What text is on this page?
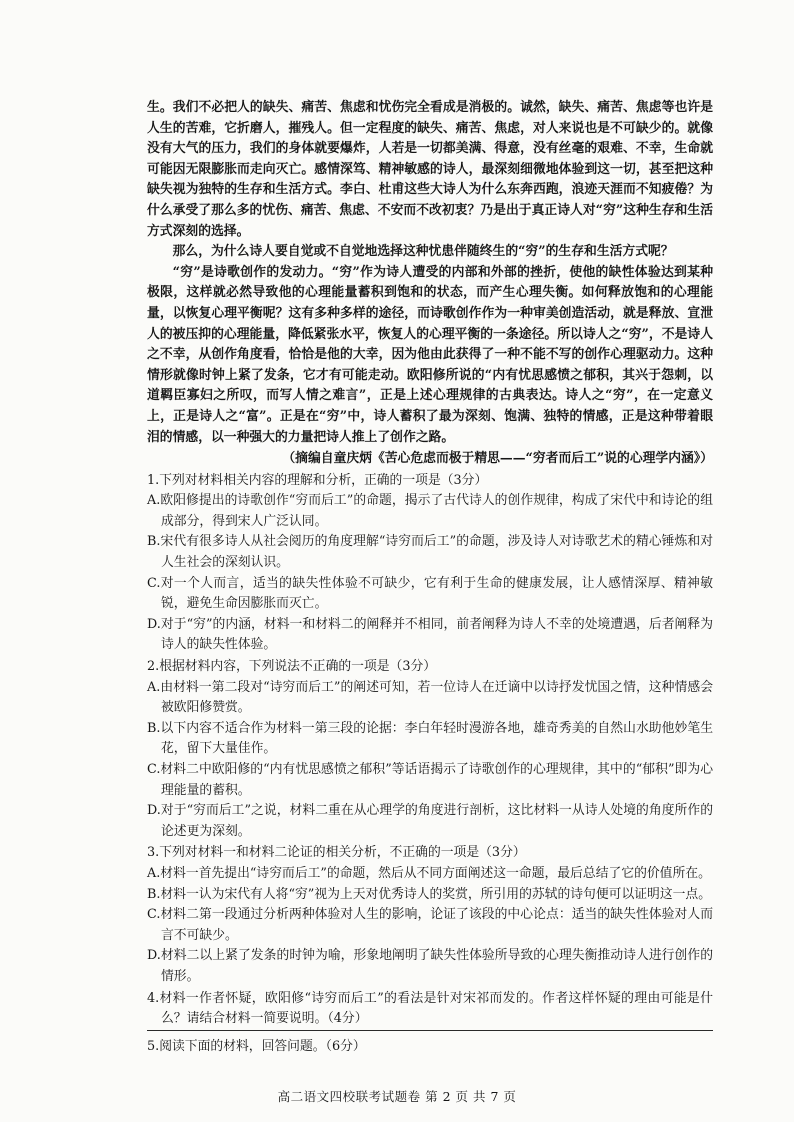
生。我们不必把人的缺失、痛苦、焦虑和忧伤完全看成是消极的。诚然，缺失、痛苦、焦虑等也许是人生的苦难，它折磨人，摧残人。但一定程度的缺失、痛苦、焦虑，对人来说也是不可缺少的。就像没有大气的压力，我们的身体就要爆炸，人若是一切都美满、得意，没有丝毫的艰难、不幸，生命就可能因无限膨胀而走向灭亡。感情深笃、精神敏感的诗人，最深刻细微地体验到这一切，甚至把这种缺失视为独特的生存和生活方式。李白、杜甫这些大诗人为什么东奔西跑，浪迹天涯而不知疲倦？为什么承受了那么多的忧伤、痛苦、焦虑、不安而不改初衷？乃是出于真正诗人对“穷”这种生存和生活方式深刻的选择。

那么，为什么诗人要自觉或不自觉地选择这种忧患伴随终生的“穷”的生存和生活方式呢？

“穷”是诗歌创作的发动力。“穷”作为诗人遭受的内部和外部的挫折，使他的缺性体验达到某种极限，这样就必然导致他的心理能量蓄积到饱和的状态，而产生心理失衡。如何释放饱和的心理能量，以恢复心理平衡呢？这有多种多样的途径，而诗歌创作作为一种审美创造活动，就是释放、宣泄人的被压抑的心理能量，降低紧张水平，恢复人的心理平衡的一条途径。所以诗人之“穷”，不是诗人之不幸，从创作角度看，恰恰是他的大幸，因为他由此获得了一种不能不写的创作心理驱动力。这种情形就像时钟上紧了发条，它才有可能走动。欧阳修所说的“内有忧思感愤之郁积，其兴于怨刺，以道羁臣寡妇之所叹，而写人情之难言”，正是上述心理规律的古典表达。诗人之“穷”，在一定意义上，正是诗人之“富”。正是在“穷”中，诗人蓄积了最为深刻、饱满、独特的情感，正是这种带着眼泪的情感，以一种强大的力量把诗人推上了创作之路。

（摘编自童庆炳《苦心危虑而极于精思——“穷者而后工”说的心理学内涵》）

1.下列对材料相关内容的理解和分析，正确的一项是（3分）

A.欧阳修提出的诗歌创作“穷而后工”的命题，揭示了古代诗人的创作规律，构成了宋代中和诗论的组成部分，得到宋人广泛认同。

B.宋代有很多诗人从社会阅历的角度理解“诗穷而后工”的命题，涉及诗人对诗歌艺术的精心锤炼和对人生社会的深刻认识。

C.对一个人而言，适当的缺失性体验不可缺少，它有利于生命的健康发展，让人感情深厚、精神敏锐，避免生命因膨胀而灭亡。

D.对于“穷”的内涵，材料一和材料二的阐释并不相同，前者阐释为诗人不幸的处境遭遇，后者阐释为诗人的缺失性体验。

2.根据材料内容，下列说法不正确的一项是（3分）

A.由材料一第二段对“诗穷而后工”的阐述可知，若一位诗人在迁谪中以诗抒发忧国之情，这种情感会被欧阳修赞赏。

B.以下内容不适合作为材料一第三段的论据：李白年轻时漫游各地，雄奇秀美的自然山水助他妙笔生花，留下大量佳作。

C.材料二中欧阳修的“内有忧思感愤之郁积”等话语揭示了诗歌创作的心理规律，其中的“郁积”即为心理能量的蓄积。

D.对于“穷而后工”之说，材料二重在从心理学的角度进行剖析，这比材料一从诗人处境的角度所作的论述更为深刻。

3.下列对材料一和材料二论证的相关分析，不正确的一项是（3分）

A.材料一首先提出“诗穷而后工”的命题，然后从不同方面阐述这一命题，最后总结了它的价值所在。

B.材料一认为宋代有人将“穷”视为上天对优秀诗人的奖赏，所引用的苏轼的诗句便可以证明这一点。

C.材料二第一段通过分析两种体验对人生的影响，论证了该段的中心论点：适当的缺失性体验对人而言不可缺少。

D.材料二以上紧了发条的时钟为喻，形象地阐明了缺失性体验所导致的心理失衡推动诗人进行创作的情形。

4.材料一作者怀疑，欧阳修“诗穷而后工”的看法是针对宋祁而发的。作者这样怀疑的理由可能是什么？请结合材料一简要说明。（4分）

5.阅读下面的材料，回答问题。（6分）
高二语文四校联考试题卷 第 2 页 共 7 页
